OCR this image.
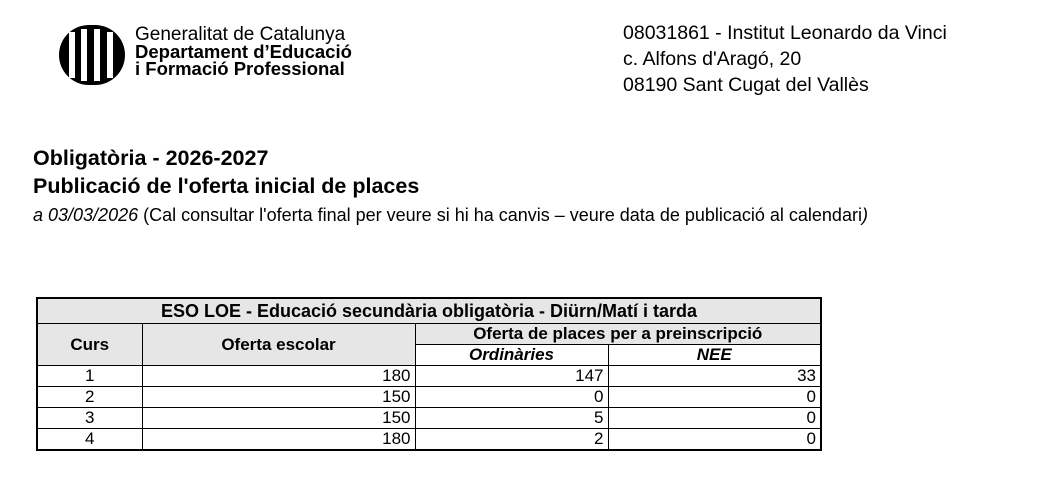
Generalitat de Catalunya
Departament d’Educació
i Formació Professional
08031861 - Institut Leonardo da Vinci
c. Alfons d'Aragó, 20
08190 Sant Cugat del Vallès
Obligatòria - 2026-2027
Publicació de l'oferta inicial de places
a 03/03/2026 (Cal consultar l'oferta final per veure si hi ha canvis – veure data de publicació al calendari)
ESO LOE - Educació secundària obligatòria - Diürn/Matí i tarda			
Curs	Oferta escolar	Oferta de places per a preinscripció	
		Ordinàries	NEE
1	180	147	33
2	150	0	0
3	150	5	0
4	180	2	0
